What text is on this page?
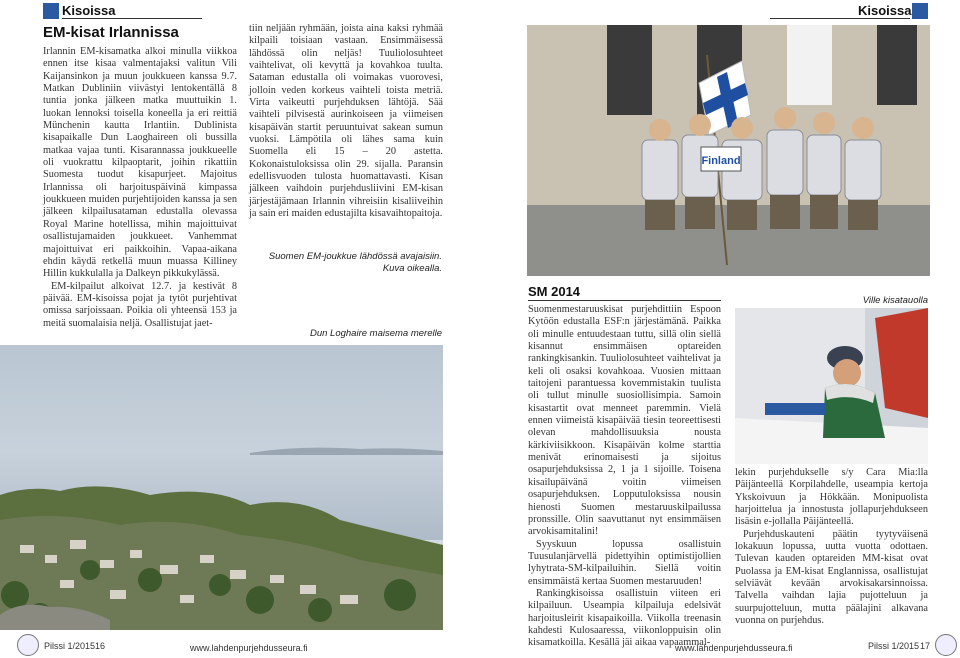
Kisoissa
EM-kisat Irlannissa

Irlannin EM-kisamatka alkoi minulla viikkoa ennen itse kisaa valmentajaksi valitun Vili Kaijansinkon ja muun joukkueen kanssa 9.7. Matkan Dubliniin viivästyi lentokentällä 8 tuntia jonka jälkeen matka muuttuikin 1. luokan lennoksi toisella koneella ja eri reittiä Münchenin kautta Irlantiin. Dublinista kisapaikalle Dun Laoghaireen oli bussilla matkaa vajaa tunti. Kisarannassa joukkueelle oli vuokrattu kilpaoptarit, joihin rikattiin Suomesta tuodut kisapurjeet. Majoitus Irlannissa oli harjoituspäivinä kimpassa joukkueen muiden purjehtijoiden kanssa ja sen jälkeen kilpailusataman edustalla olevassa Royal Marine hotellissa, mihin majoittuivat osallistujamaiden joukkueet. Vanhemmat majoittuivat eri paikkoihin. Vapaa-aikana ehdin käydä retkellä muun muassa Killiney Hillin kukkulalla ja Dalkeyn pikkukylässä.

EM-kilpailut alkoivat 12.7. ja kestivät 8 päivää. EM-kisoissa pojat ja tytöt purjehtivat omissa sarjoissaan. Poikia oli yhteensä 153 ja meitä suomalaisia neljä. Osallistujat jaet-

tiin neljään ryhmään, joista aina kaksi ryhmää kilpaili toisiaan vastaan. Ensimmäisessä lähdössä olin neljäs! Tuuliolosuhteet vaihtelivat, oli kevyttä ja kovahkoa tuulta. Sataman edustalla oli voimakas vuorovesi, jolloin veden korkeus vaihteli toista metriä. Virta vaikeutti purjehduksen lähtöjä. Sää vaihteli pilvisestä aurinkoiseen ja viimeisen kisapäivän startit peruuntuivat sakean sumun vuoksi. Lämpötila oli lähes sama kuin Suomella eli 15 – 20 astetta. Kokonaistuloksissa olin 29. sijalla. Paransin edellisvuoden tulosta huomattavasti. Kisan jälkeen vaihdoin purjehdusliivini EM-kisan järjestäjämaan Irlannin vihreisiin kisaliiveihin ja sain eri maiden edustajilta kisavaihtopaitoja.

Suomen EM-joukkue lähdössä avajaisiin. Kuva oikealla.
Dun Loghaire maisema merelle
Pilssi 1/2015 16	www.lahdenpurjehdusseura.fi
Kisoissa
Finland
SM 2014

Suomenmestaruuskisat purjehdittiin Espoon Kytöön edustalla ESF:n järjestämänä. Paikka oli minulle entuudestaan tuttu, sillä olin siellä kisannut ensimmäisen optareiden rankingkisankin. Tuuliolosuhteet vaihtelivat ja keli oli osaksi kovahkoaa. Vuosien mittaan taitojeni parantuessa kovemmistakin tuulista oli tullut minulle suosiollisimpia. Samoin kisastartit ovat menneet paremmin. Vielä ennen viimeistä kisapäivää tiesin teoreettisesti olevan mahdollisuuksia nousta kärkiviisikkoon. Kisapäivän kolme starttia menivät erinomaisesti ja sijoitus osapurjehduksissa 2, 1 ja 1 sijoille. Toisena kisailupäivänä voitin viimeisen osapurjehduksen. Lopputuloksissa nousin hienosti Suomen mestaruuskilpailussa pronssille. Olin saavuttanut nyt ensimmäisen arvokisamitalini!

Syyskuun lopussa osallistuin Tuusulanjärvellä pidettyihin optimistijollien lyhytrata-SM-kilpailuihin. Siellä voitin ensimmäistä kertaa Suomen mestaruuden!

Rankingkisoissa osallistuin viiteen eri kilpailuun. Useampia kilpailuja edelsivät harjoitusleirit kisapaikoilla. Viikolla treenasin kahdesti Kulosaaressa, viikonloppuisin olin kisamatkoilla. Kesällä jäi aikaa vapaammal-

Ville kisatauolla

lekin purjehdukselle s/y Cara Mia:lla Päijänteellä Korpilahdelle, useampia kertoja Ykskoivuun ja Hökkään. Monipuolista harjoittelua ja innostusta jollapurjehdukseen lisäsin e-jollalla Päijänteellä.

Purjehduskauteni päätin tyytyväisenä lokakuun lopussa, uutta vuotta odottaen. Tulevan kauden optareiden MM-kisat ovat Puolassa ja EM-kisat Englannissa, osallistujat selviävät kevään arvokisakarsinnoissa. Talvella vaihdan lajia pujotteluun ja suurpujotteluun, mutta päälajini alkavana vuonna on purjehdus.

www.lahdenpurjehdusseura.fi	Pilssi 1/2015 17
